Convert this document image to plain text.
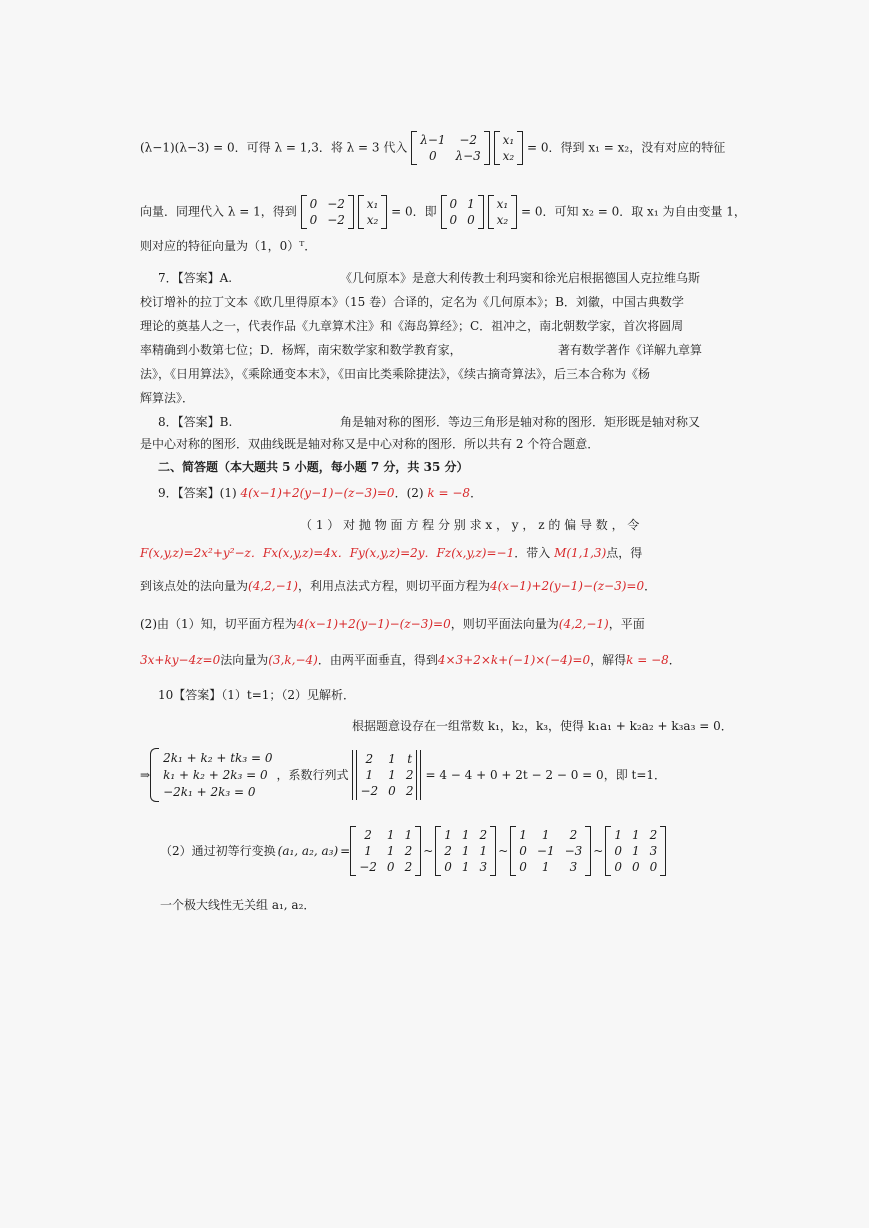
(λ−1)(λ−3) = 0．可得 λ = 1,3．将 λ = 3 代入
λ−1	−2
0	λ−3

x₁
x₂
= 0．得到 x₁ = x₂，没有对应的特征
向量．同理代入 λ = 1，得到
0 −2
0 −2

x₁
x₂
= 0．即
0 1
0 0

x₁
x₂
= 0．可知 x₂ = 0．取 x₁ 为自由变量 1，
则对应的特征向量为（1，0）ᵀ．
7．【答案】A.	《几何原本》是意大利传教士利玛窦和徐光启根据德国人克拉维乌斯
校订增补的拉丁文本《欧几里得原本》（15 卷）合译的，定名为《几何原本》；B．刘徽，中国古典数学
理论的奠基人之一，代表作品《九章算术注》和《海岛算经》；C．祖冲之，南北朝数学家，首次将圆周
率精确到小数第七位；D．杨辉，南宋数学家和数学教育家，	著有数学著作《详解九章算
法》，《日用算法》，《乘除通变本末》，《田亩比类乘除捷法》，《续古摘奇算法》，后三本合称为《杨
辉算法》．
8．【答案】B.	角是轴对称的图形．等边三角形是轴对称的图形．矩形既是轴对称又
是中心对称的图形．双曲线既是轴对称又是中心对称的图形．所以共有 2 个符合题意．
二、简答题（本大题共 5 小题，每小题 7 分，共 35 分）
9．【答案】(1) 4(x−1)+2(y−1)−(z−3)=0．(2) k = −8．
（ 1 ） 对 抛 物 面 方 程 分 别 求 x ， y ， z 的 偏 导 数 ， 令
F(x,y,z)=2x²+y²−z．Fx(x,y,z)=4x．Fy(x,y,z)=2y．Fz(x,y,z)=−1．带入 M(1,1,3)点，得
到该点处的法向量为(4,2,−1)，利用点法式方程，则切平面方程为4(x−1)+2(y−1)−(z−3)=0．
(2)由（1）知，切平面方程为4(x−1)+2(y−1)−(z−3)=0，则切平面法向量为(4,2,−1)，平面
3x+ky−4z=0法向量为(3,k,−4)．由两平面垂直，得到4×3+2×k+(−1)×(−4)=0，解得k = −8．
10【答案】（1）t=1；（2）见解析．
根据题意设存在一组常数 k₁，k₂，k₃，使得 k₁a₁ + k₂a₂ + k₃a₃ = 0．
⇒
2k₁ + k₂ + tk₃ = 0
k₁ + k₂ + 2k₃ = 0
−2k₁ + 2k₃ = 0
，系数行列式
2	1 t
1	1 2
−2 0 2
= 4 − 4 + 0 + 2t − 2 − 0 = 0，即 t=1．
（2）通过初等行变换 (a₁, a₂, a₃) =
2	1 1
1	1 2
−2 0 2
~
1 1 2
2 1 1
0 1 3
~
1	1	2
0 −1 −3
0	1	3
~
1 1 2
0 1 3
0 0 0
一个极大线性无关组 a₁, a₂．
